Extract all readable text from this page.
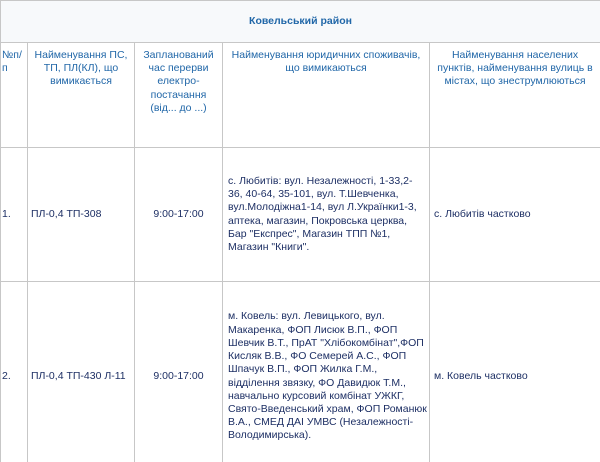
Ковельський район				
№п/п	Найменування ПС, ТП, ПЛ(КЛ), що вимикається	Запланований час перерви електро-постачання (від... до ...)	Найменування юридичних споживачів, що вимикаються	Найменування населених пунктів, найменування вулиць в містах, що знеструмлюються
1.	ПЛ-0,4 ТП-308	9:00-17:00	с. Любитів: вул. Незалежності, 1-33,2-36, 40-64, 35-101, вул. Т.Шевченка, вул.Молодіжна1-14, вул Л.Українки1-3, аптека, магазин, Покровська церква, Бар "Експрес", Магазин ТПП №1, Магазин "Книги".	с. Любитів частково
2.	ПЛ-0,4 ТП-430 Л-11	9:00-17:00	м. Ковель: вул. Левицького, вул. Макаренка, ФОП Лисюк В.П., ФОП Шевчик В.Т., ПрАТ "Хлібокомбінат",ФОП Кисляк В.В., ФО Семерей А.С., ФОП Шпачук В.П., ФОП Жилка Г.М., відділення звязку, ФО Давидюк Т.М., навчально курсовий комбінат УЖКГ, Свято-Введенський храм, ФОП Романюк В.А., СМЕД ДАІ УМВС (Незалежності-Володимирська).	м. Ковель частково
